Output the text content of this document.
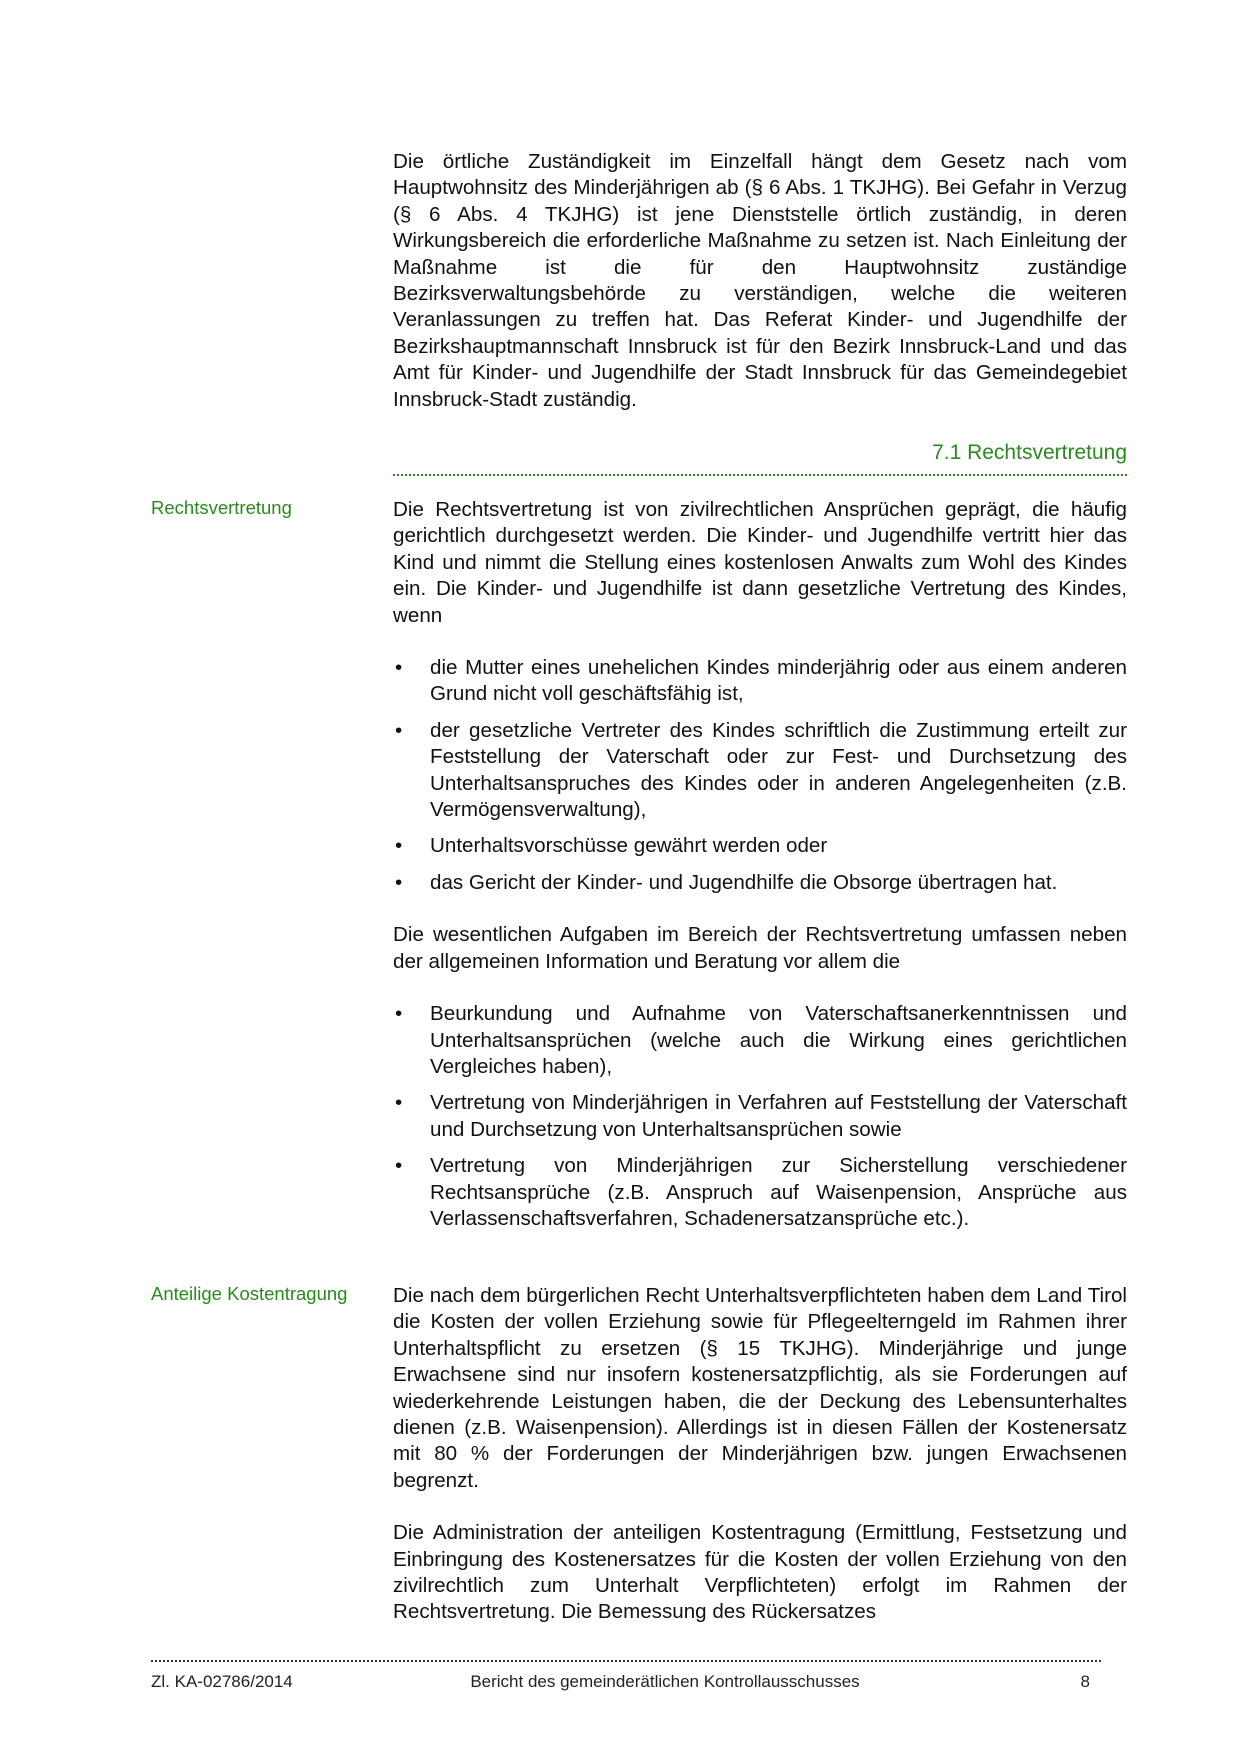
Die örtliche Zuständigkeit im Einzelfall hängt dem Gesetz nach vom Hauptwohnsitz des Minderjährigen ab (§ 6 Abs. 1 TKJHG). Bei Gefahr in Verzug (§ 6 Abs. 4 TKJHG) ist jene Dienststelle örtlich zuständig, in deren Wirkungsbereich die erforderliche Maßnahme zu setzen ist. Nach Einleitung der Maßnahme ist die für den Hauptwohnsitz zuständige Bezirksverwaltungsbehörde zu verständigen, welche die weiteren Veranlassungen zu treffen hat. Das Referat Kinder- und Jugendhilfe der Bezirkshauptmannschaft Innsbruck ist für den Bezirk Innsbruck-Land und das Amt für Kinder- und Jugendhilfe der Stadt Innsbruck für das Gemeindegebiet Innsbruck-Stadt zuständig.

7.1 Rechtsvertretung
Rechtsvertretung	Die Rechtsvertretung ist von zivilrechtlichen Ansprüchen geprägt, die häufig gerichtlich durchgesetzt werden. Die Kinder- und Jugendhilfe vertritt hier das Kind und nimmt die Stellung eines kostenlosen Anwalts zum Wohl des Kindes ein. Die Kinder- und Jugendhilfe ist dann gesetzliche Vertretung des Kindes, wenn

• die Mutter eines unehelichen Kindes minderjährig oder aus einem anderen Grund nicht voll geschäftsfähig ist,
• der gesetzliche Vertreter des Kindes schriftlich die Zustimmung erteilt zur Feststellung der Vaterschaft oder zur Fest- und Durchsetzung des Unterhaltsanspruches des Kindes oder in anderen Angelegenheiten (z.B. Vermögensverwaltung),
• Unterhaltsvorschüsse gewährt werden oder
• das Gericht der Kinder- und Jugendhilfe die Obsorge übertragen hat.

Die wesentlichen Aufgaben im Bereich der Rechtsvertretung umfassen neben der allgemeinen Information und Beratung vor allem die

• Beurkundung und Aufnahme von Vaterschaftsanerkenntnissen und Unterhaltsansprüchen (welche auch die Wirkung eines gerichtlichen Vergleiches haben),
• Vertretung von Minderjährigen in Verfahren auf Feststellung der Vaterschaft und Durchsetzung von Unterhaltsansprüchen sowie
• Vertretung von Minderjährigen zur Sicherstellung verschiedener Rechtsansprüche (z.B. Anspruch auf Waisenpension, Ansprüche aus Verlassenschaftsverfahren, Schadenersatzansprüche etc.).
Anteilige Kostentragung Die nach dem bürgerlichen Recht Unterhaltsverpflichteten haben dem Land Tirol die Kosten der vollen Erziehung sowie für Pflegeelterngeld im Rahmen ihrer Unterhaltspflicht zu ersetzen (§ 15 TKJHG). Minderjährige und junge Erwachsene sind nur insofern kostenersatzpflichtig, als sie Forderungen auf wiederkehrende Leistungen haben, die der Deckung des Lebensunterhaltes dienen (z.B. Waisenpension). Allerdings ist in diesen Fällen der Kostenersatz mit 80 % der Forderungen der Minderjährigen bzw. jungen Erwachsenen begrenzt.

Die Administration der anteiligen Kostentragung (Ermittlung, Festsetzung und Einbringung des Kostenersatzes für die Kosten der vollen Erziehung von den zivilrechtlich zum Unterhalt Verpflichteten) erfolgt im Rahmen der Rechtsvertretung. Die Bemessung des Rückersatzes

Zl. KA-02786/2014	Bericht des gemeinderätlichen Kontrollausschusses	8
